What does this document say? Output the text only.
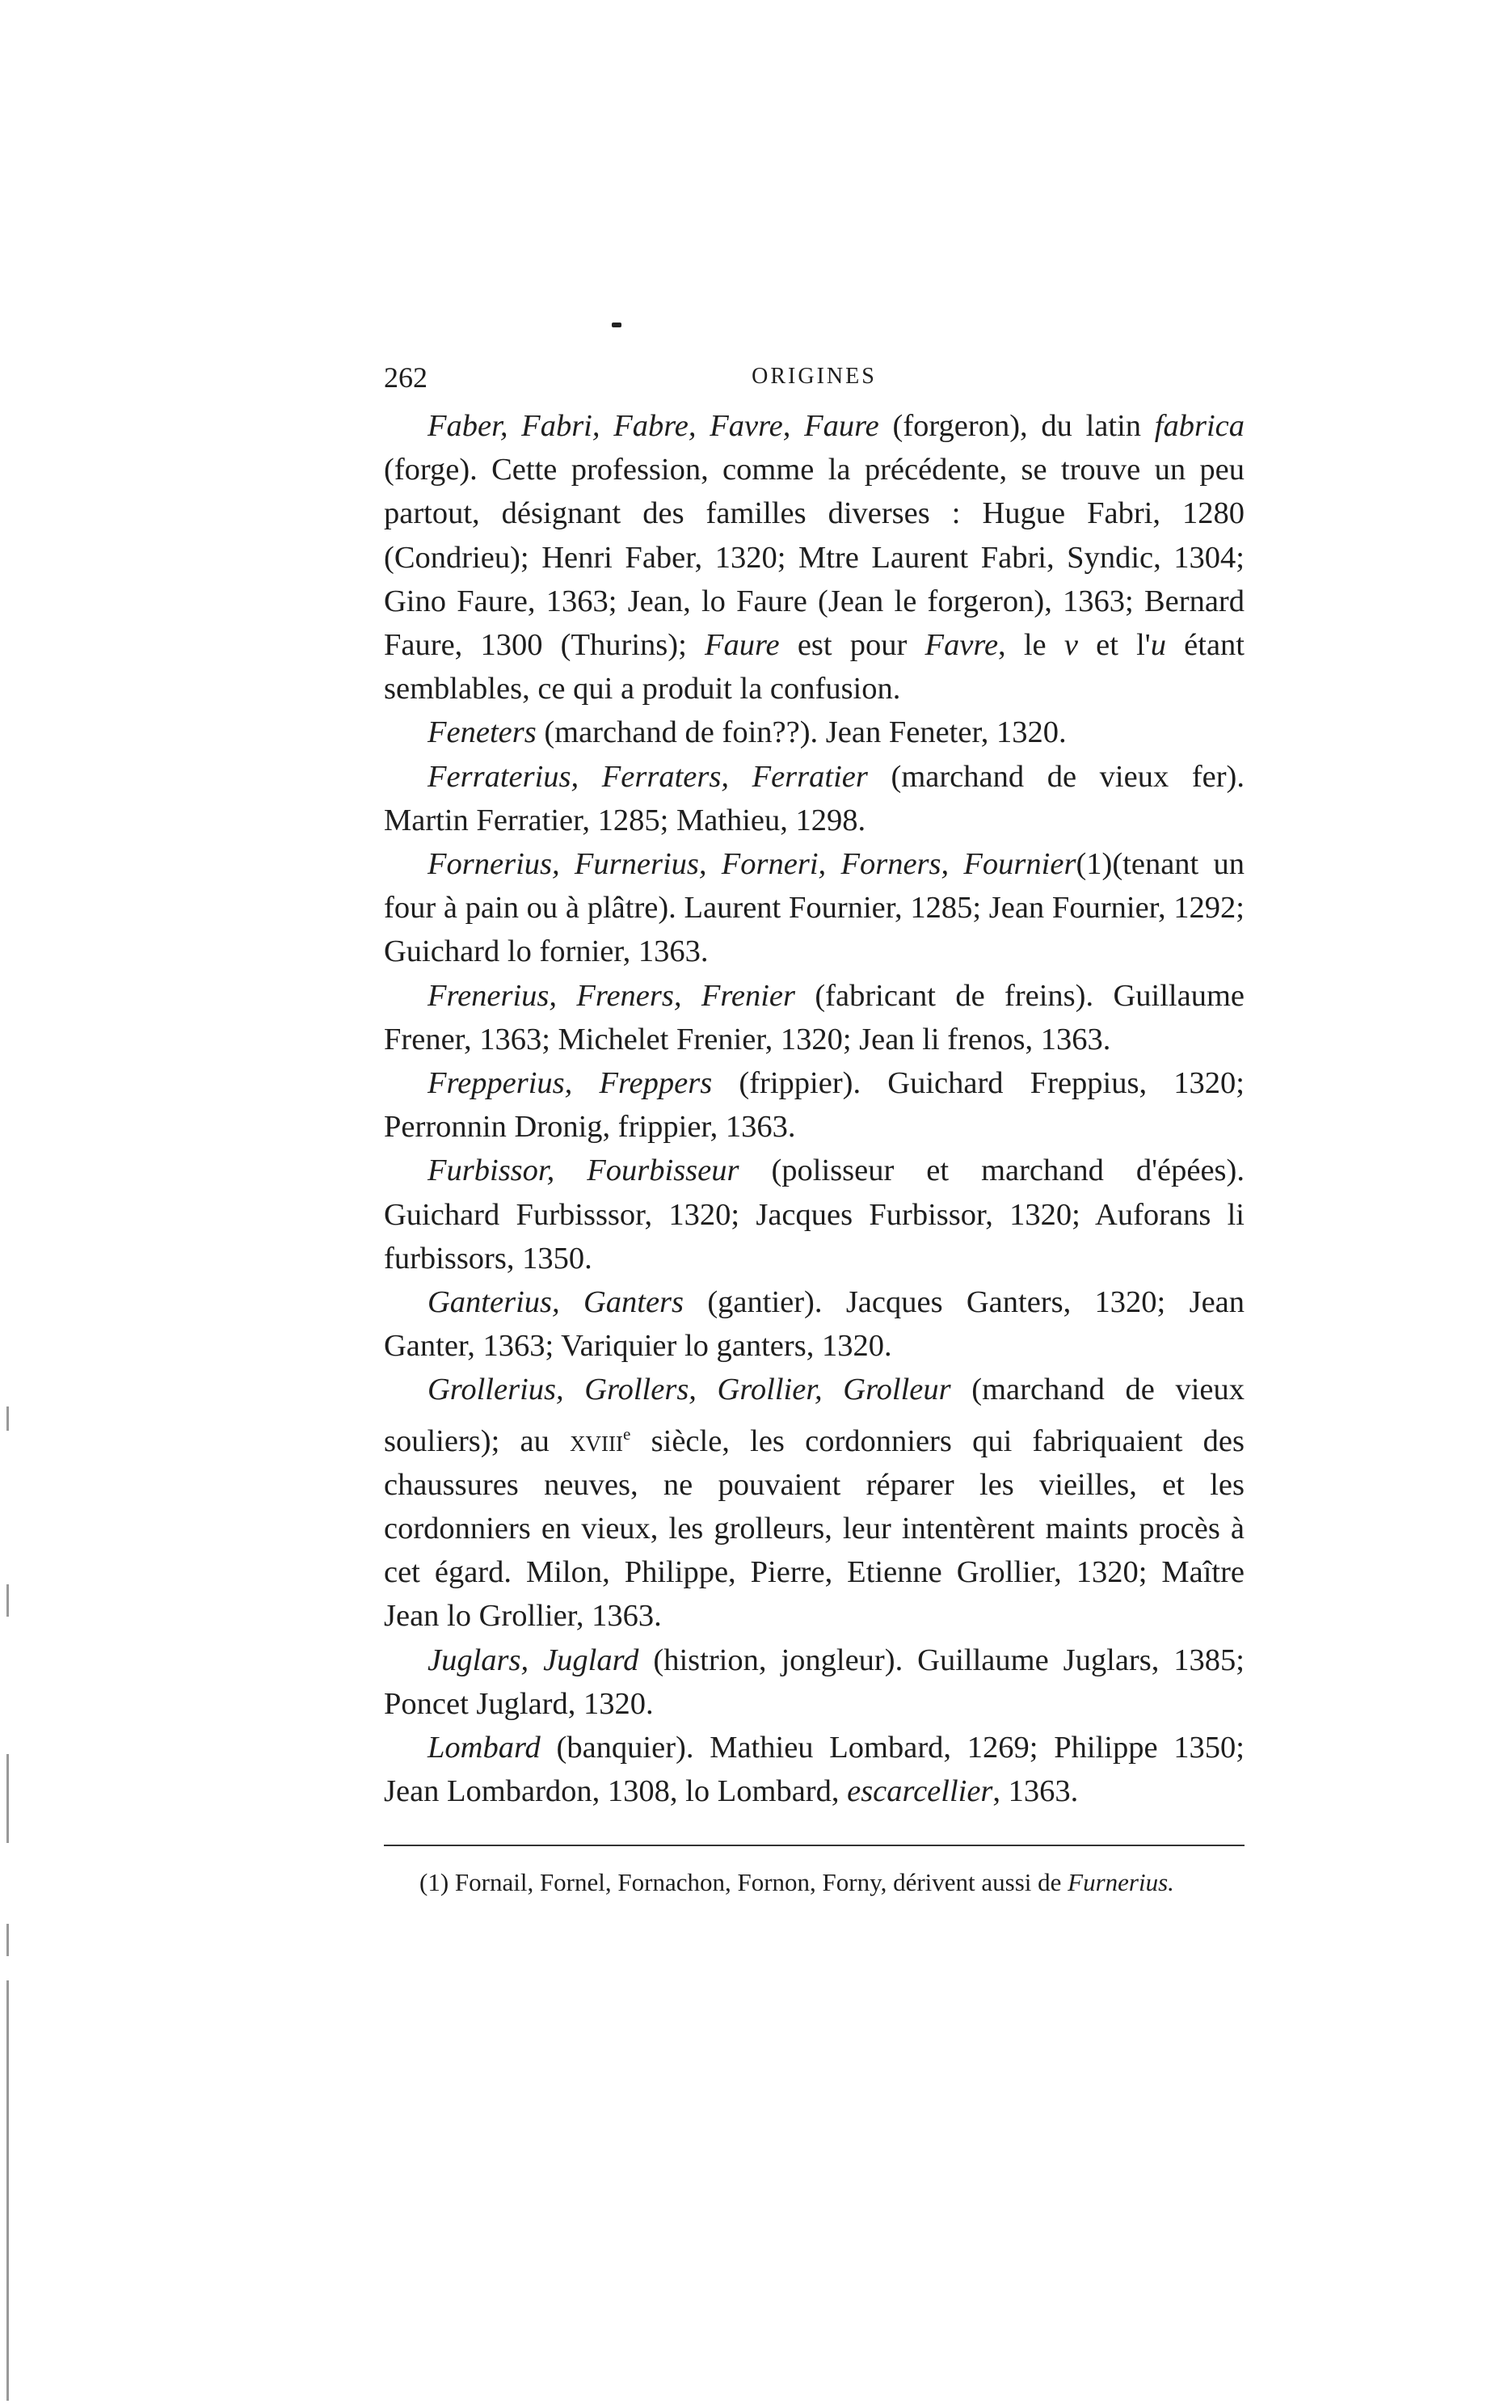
262	ORIGINES

Faber, Fabri, Fabre, Favre, Faure (forgeron), du latin fabrica (forge). Cette profession, comme la précédente, se trouve un peu partout, désignant des familles diverses : Hugue Fabri, 1280 (Condrieu); Henri Faber, 1320; Mtre Laurent Fabri, Syndic, 1304; Gino Faure, 1363; Jean, lo Faure (Jean le forgeron), 1363; Bernard Faure, 1300 (Thurins); Faure est pour Favre, le v et l'u étant semblables, ce qui a produit la confusion.

Feneters (marchand de foin??). Jean Feneter, 1320.

Ferraterius, Ferraters, Ferratier (marchand de vieux fer). Martin Ferratier, 1285; Mathieu, 1298.

Fornerius, Furnerius, Forneri, Forners, Fournier(1)(tenant un four à pain ou à plâtre). Laurent Fournier, 1285; Jean Fournier, 1292; Guichard lo fornier, 1363.

Frenerius, Freners, Frenier (fabricant de freins). Guillaume Frener, 1363; Michelet Frenier, 1320; Jean li frenos, 1363.

Frepperius, Freppers (frippier). Guichard Freppius, 1320; Perronnin Dronig, frippier, 1363.

Furbissor, Fourbisseur (polisseur et marchand d'épées). Guichard Furbisssor, 1320; Jacques Furbissor, 1320; Auforans li furbissors, 1350.

Ganterius, Ganters (gantier). Jacques Ganters, 1320; Jean Ganter, 1363; Variquier lo ganters, 1320.

Grollerius, Grollers, Grollier, Grolleur (marchand de vieux souliers); au xviii$^e$ siècle, les cordonniers qui fabriquaient des chaussures neuves, ne pouvaient réparer les vieilles, et les cordonniers en vieux, les grolleurs, leur intentèrent maints procès à cet égard. Milon, Philippe, Pierre, Etienne Grollier, 1320; Maître Jean lo Grollier, 1363.

Juglars, Juglard (histrion, jongleur). Guillaume Juglars, 1385; Poncet Juglard, 1320.

Lombard (banquier). Mathieu Lombard, 1269; Philippe 1350; Jean Lombardon, 1308, lo Lombard, escarcellier, 1363.

(1) Fornail, Fornel, Fornachon, Fornon, Forny, dérivent aussi de Furnerius.
